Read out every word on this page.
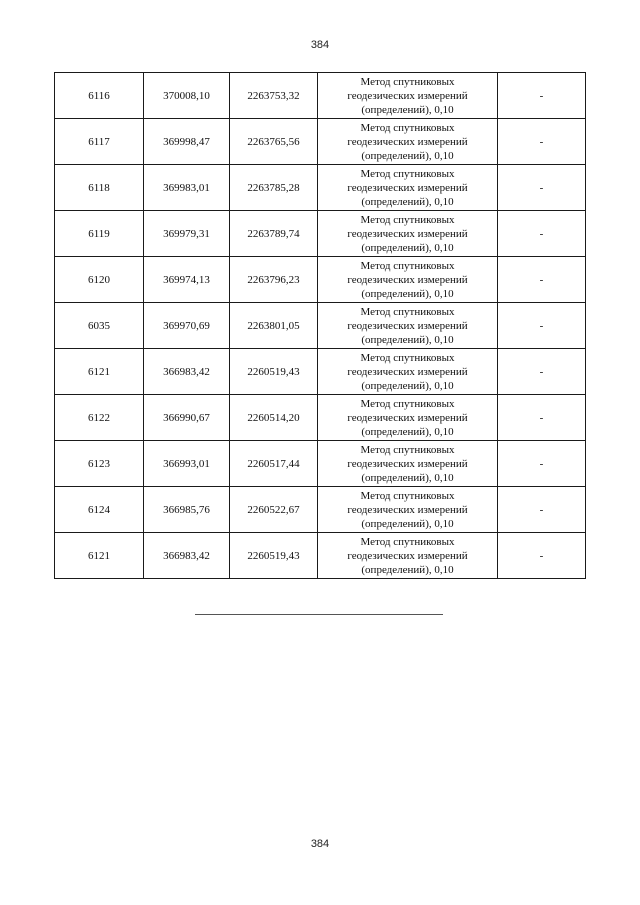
384
6116	370008,10	2263753,32	Метод спутниковых
геодезических измерений
(определений), 0,10	-
6117	369998,47	2263765,56	Метод спутниковых
геодезических измерений
(определений), 0,10	-
6118	369983,01	2263785,28	Метод спутниковых
геодезических измерений
(определений), 0,10	-
6119	369979,31	2263789,74	Метод спутниковых
геодезических измерений
(определений), 0,10	-
6120	369974,13	2263796,23	Метод спутниковых
геодезических измерений
(определений), 0,10	-
6035	369970,69	2263801,05	Метод спутниковых
геодезических измерений
(определений), 0,10	-
6121	366983,42	2260519,43	Метод спутниковых
геодезических измерений
(определений), 0,10	-
6122	366990,67	2260514,20	Метод спутниковых
геодезических измерений
(определений), 0,10	-
6123	366993,01	2260517,44	Метод спутниковых
геодезических измерений
(определений), 0,10	-
6124	366985,76	2260522,67	Метод спутниковых
геодезических измерений
(определений), 0,10	-
6121	366983,42	2260519,43	Метод спутниковых
геодезических измерений
(определений), 0,10	-
384
